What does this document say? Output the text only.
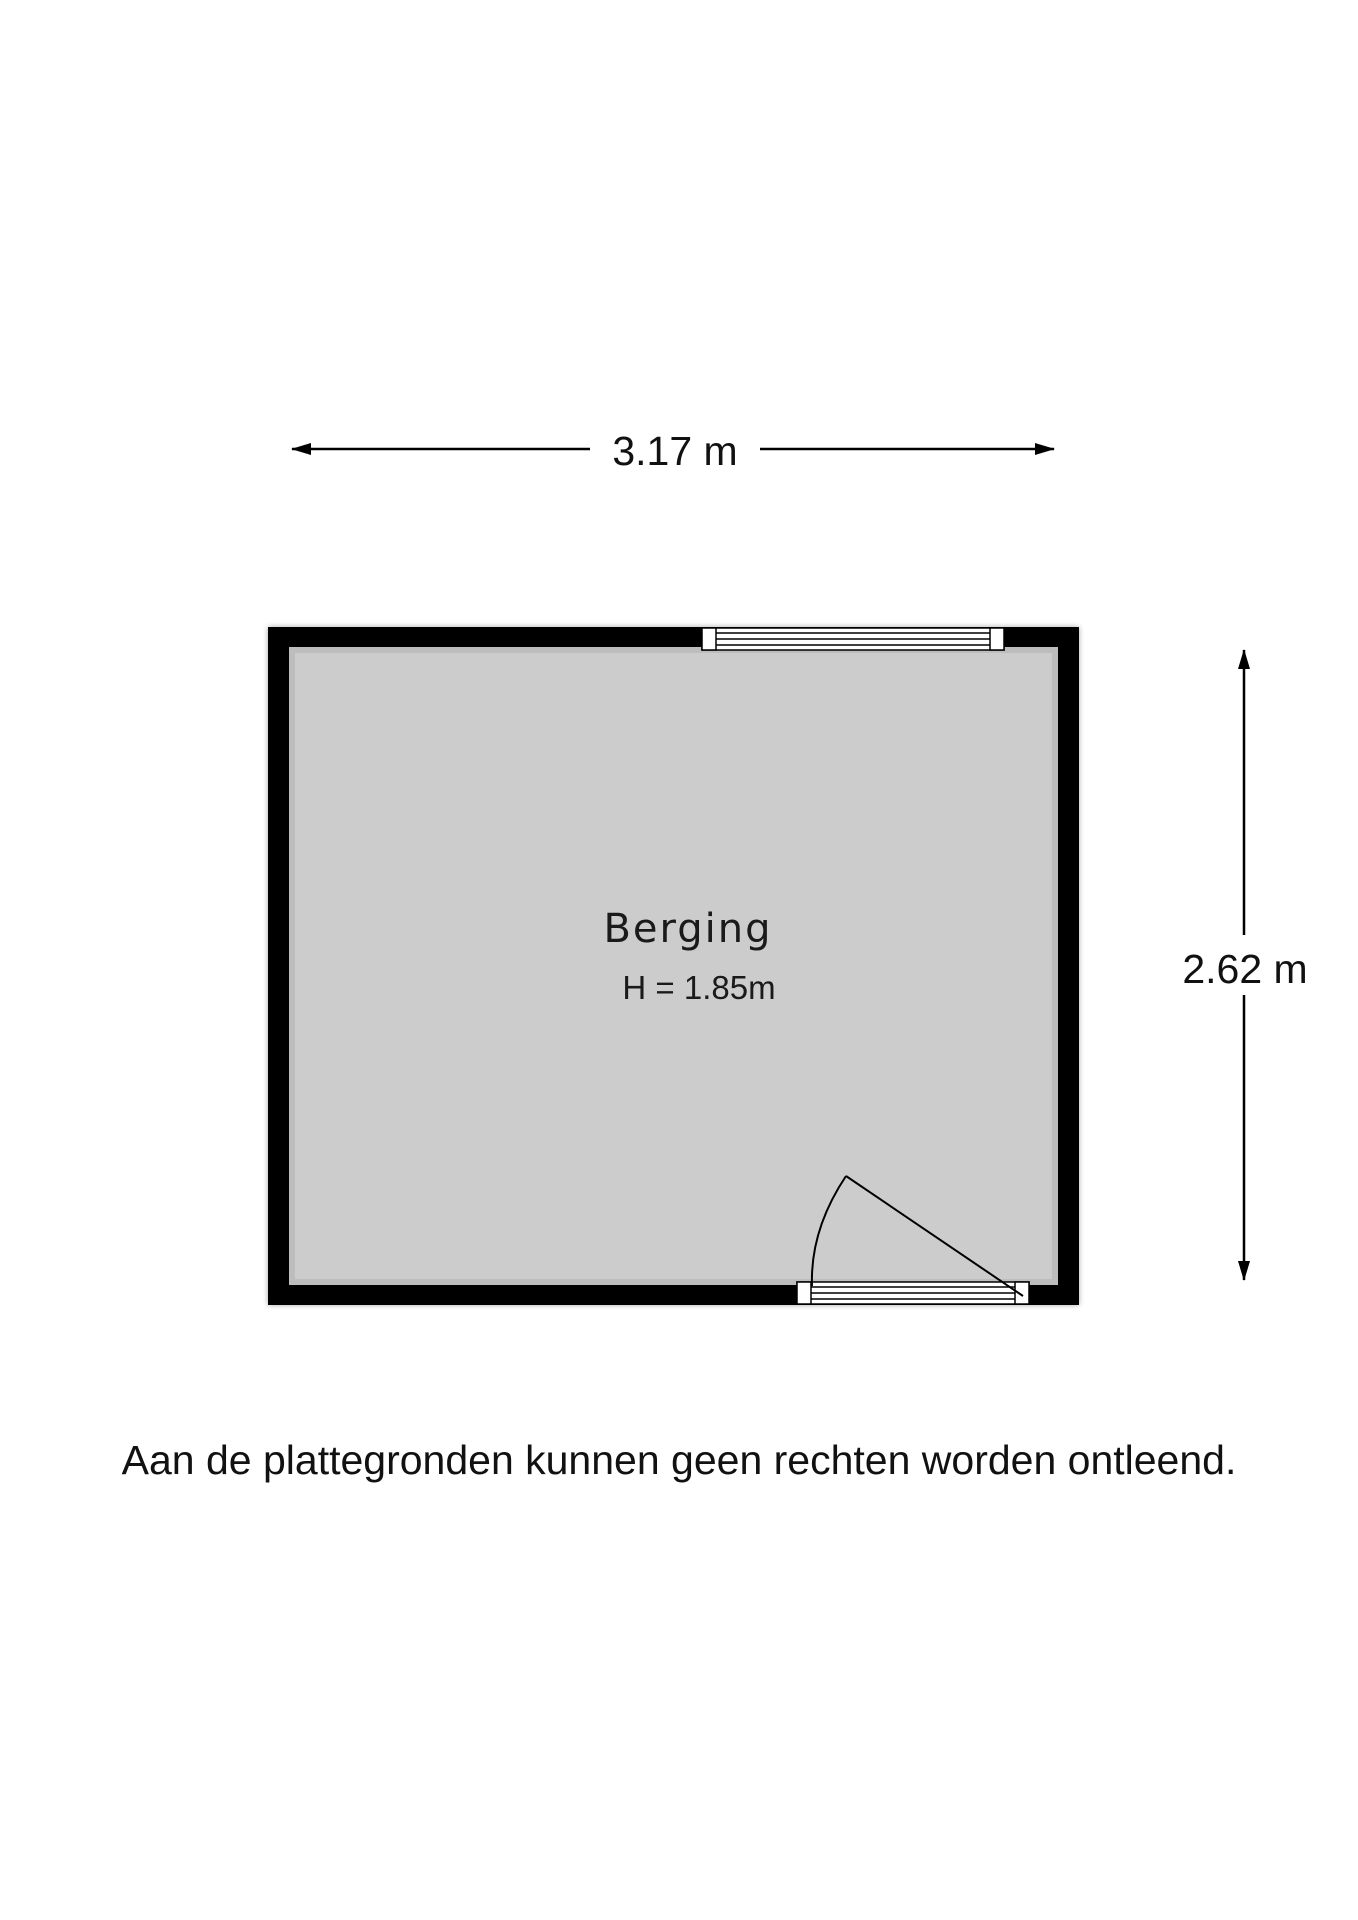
3.17 m
2.62 m
Berging
H = 1.85m

Aan de plattegronden kunnen geen rechten worden ontleend.
